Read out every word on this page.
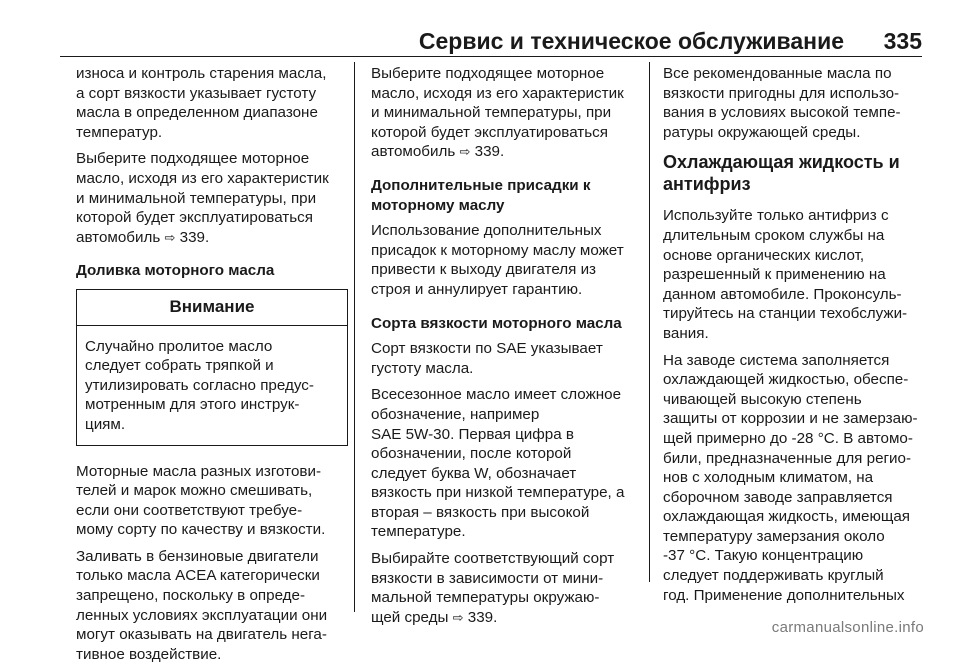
Сервис и техническое обслуживание 335

износа и контроль старения масла,
а сорт вязкости указывает густоту
масла в определенном диапазоне
температур.

Выберите подходящее моторное
масло, исходя из его характеристик
и минимальной температуры, при
которой будет эксплуатироваться
автомобиль ⇨ 339.

Доливка моторного масла
Внимание
Случайно пролитое масло
следует собрать тряпкой и
утилизировать согласно предус-
мотренным для этого инструк-
циям.

Моторные масла разных изготови-
телей и марок можно смешивать,
если они соответствуют требуе-
мому сорту по качеству и вязкости.

Заливать в бензиновые двигатели
только масла ACEA категорически
запрещено, поскольку в опреде-
ленных условиях эксплуатации они
могут оказывать на двигатель нега-
тивное воздействие.

Выберите подходящее моторное
масло, исходя из его характеристик
и минимальной температуры, при
которой будет эксплуатироваться
автомобиль ⇨ 339.

Дополнительные присадки к
моторному маслу

Использование дополнительных
присадок к моторному маслу может
привести к выходу двигателя из
строя и аннулирует гарантию.

Сорта вязкости моторного масла

Сорт вязкости по SAE указывает
густоту масла.

Всесезонное масло имеет сложное
обозначение, например
SAE 5W-30. Первая цифра в
обозначении, после которой
следует буква W, обозначает
вязкость при низкой температуре, а
вторая – вязкость при высокой
температуре.

Выбирайте соответствующий сорт
вязкости в зависимости от мини-
мальной температуры окружаю-
щей среды ⇨ 339.

Все рекомендованные масла по
вязкости пригодны для использо-
вания в условиях высокой темпе-
ратуры окружающей среды.

Охлаждающая жидкость и
антифриз

Используйте только антифриз с
длительным сроком службы на
основе органических кислот,
разрешенный к применению на
данном автомобиле. Проконсуль-
тируйтесь на станции техобслужи-
вания.

На заводе система заполняется
охлаждающей жидкостью, обеспе-
чивающей высокую степень
защиты от коррозии и не замерзаю-
щей примерно до -28 °C. В автомо-
били, предназначенные для регио-
нов с холодным климатом, на
сборочном заводе заправляется
охлаждающая жидкость, имеющая
температуру замерзания около
-37 °C. Такую концентрацию
следует поддерживать круглый
год. Применение дополнительных

carmanualsonline.info
